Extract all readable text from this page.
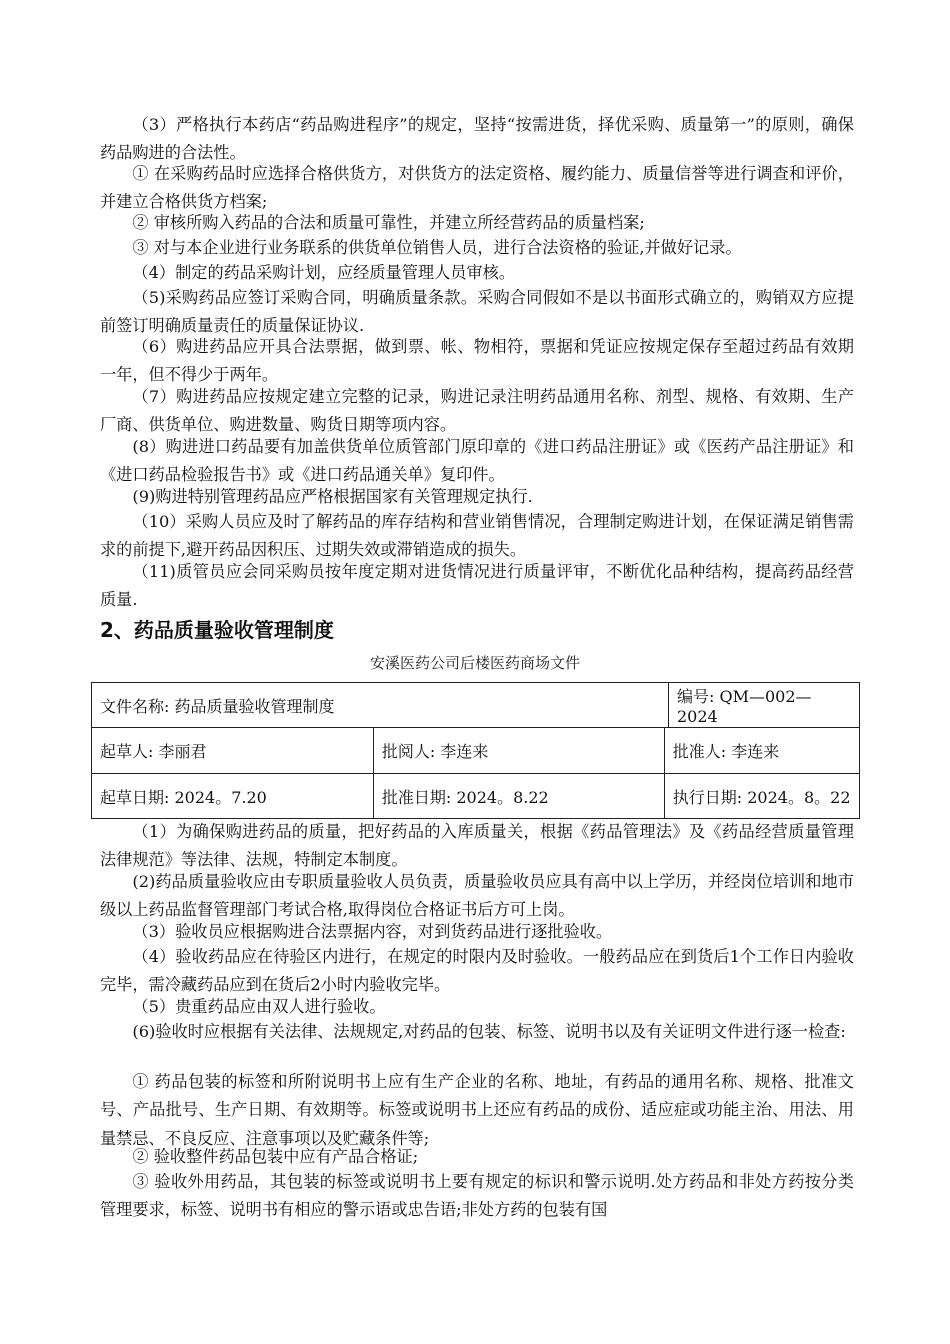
（3）严格执行本药店“药品购进程序”的规定，坚持“按需进货，择优采购、质量第一”的原则，确保药品购进的合法性。

① 在采购药品时应选择合格供货方，对供货方的法定资格、履约能力、质量信誉等进行调查和评价，并建立合格供货方档案;

② 审核所购入药品的合法和质量可靠性，并建立所经营药品的质量档案;

③ 对与本企业进行业务联系的供货单位销售人员，进行合法资格的验证,并做好记录。

（4）制定的药品采购计划，应经质量管理人员审核。

（5)采购药品应签订采购合同，明确质量条款。采购合同假如不是以书面形式确立的，购销双方应提前签订明确质量责任的质量保证协议.

（6）购进药品应开具合法票据，做到票、帐、物相符，票据和凭证应按规定保存至超过药品有效期一年，但不得少于两年。

（7）购进药品应按规定建立完整的记录，购进记录注明药品通用名称、剂型、规格、有效期、生产厂商、供货单位、购进数量、购货日期等项内容。

(8）购进进口药品要有加盖供货单位质管部门原印章的《进口药品注册证》或《医药产品注册证》和《进口药品检验报告书》或《进口药品通关单》复印件。

(9)购进特别管理药品应严格根据国家有关管理规定执行.

（10）采购人员应及时了解药品的库存结构和营业销售情况，合理制定购进计划，在保证满足销售需求的前提下,避开药品因积压、过期失效或滞销造成的损失。

（11)质管员应会同采购员按年度定期对进货情况进行质量评审，不断优化品种结构，提高药品经营质量.

2、药品质量验收管理制度
安溪医药公司后楼医药商场文件
文件名称: 药品质量验收管理制度			编号: QM—002—2024
起草人: 李丽君	批阅人: 李连来	批准人: 李连来	
起草日期: 2024。7.20	批准日期: 2024。8.22	执行日期: 2024。8。22	

（1）为确保购进药品的质量，把好药品的入库质量关，根据《药品管理法》及《药品经营质量管理法律规范》等法律、法规，特制定本制度。

(2)药品质量验收应由专职质量验收人员负责，质量验收员应具有高中以上学历，并经岗位培训和地市级以上药品监督管理部门考试合格,取得岗位合格证书后方可上岗。

（3）验收员应根据购进合法票据内容，对到货药品进行逐批验收。

（4）验收药品应在待验区内进行，在规定的时限内及时验收。一般药品应在到货后1个工作日内验收完毕，需冷藏药品应到在货后2小时内验收完毕。

（5）贵重药品应由双人进行验收。

(6)验收时应根据有关法律、法规规定,对药品的包装、标签、说明书以及有关证明文件进行逐一检查:

① 药品包装的标签和所附说明书上应有生产企业的名称、地址，有药品的通用名称、规格、批准文号、产品批号、生产日期、有效期等。标签或说明书上还应有药品的成份、适应症或功能主治、用法、用量禁忌、不良反应、注意事项以及贮藏条件等;

② 验收整件药品包装中应有产品合格证;

③ 验收外用药品，其包装的标签或说明书上要有规定的标识和警示说明.处方药品和非处方药按分类管理要求，标签、说明书有相应的警示语或忠告语;非处方药的包装有国
